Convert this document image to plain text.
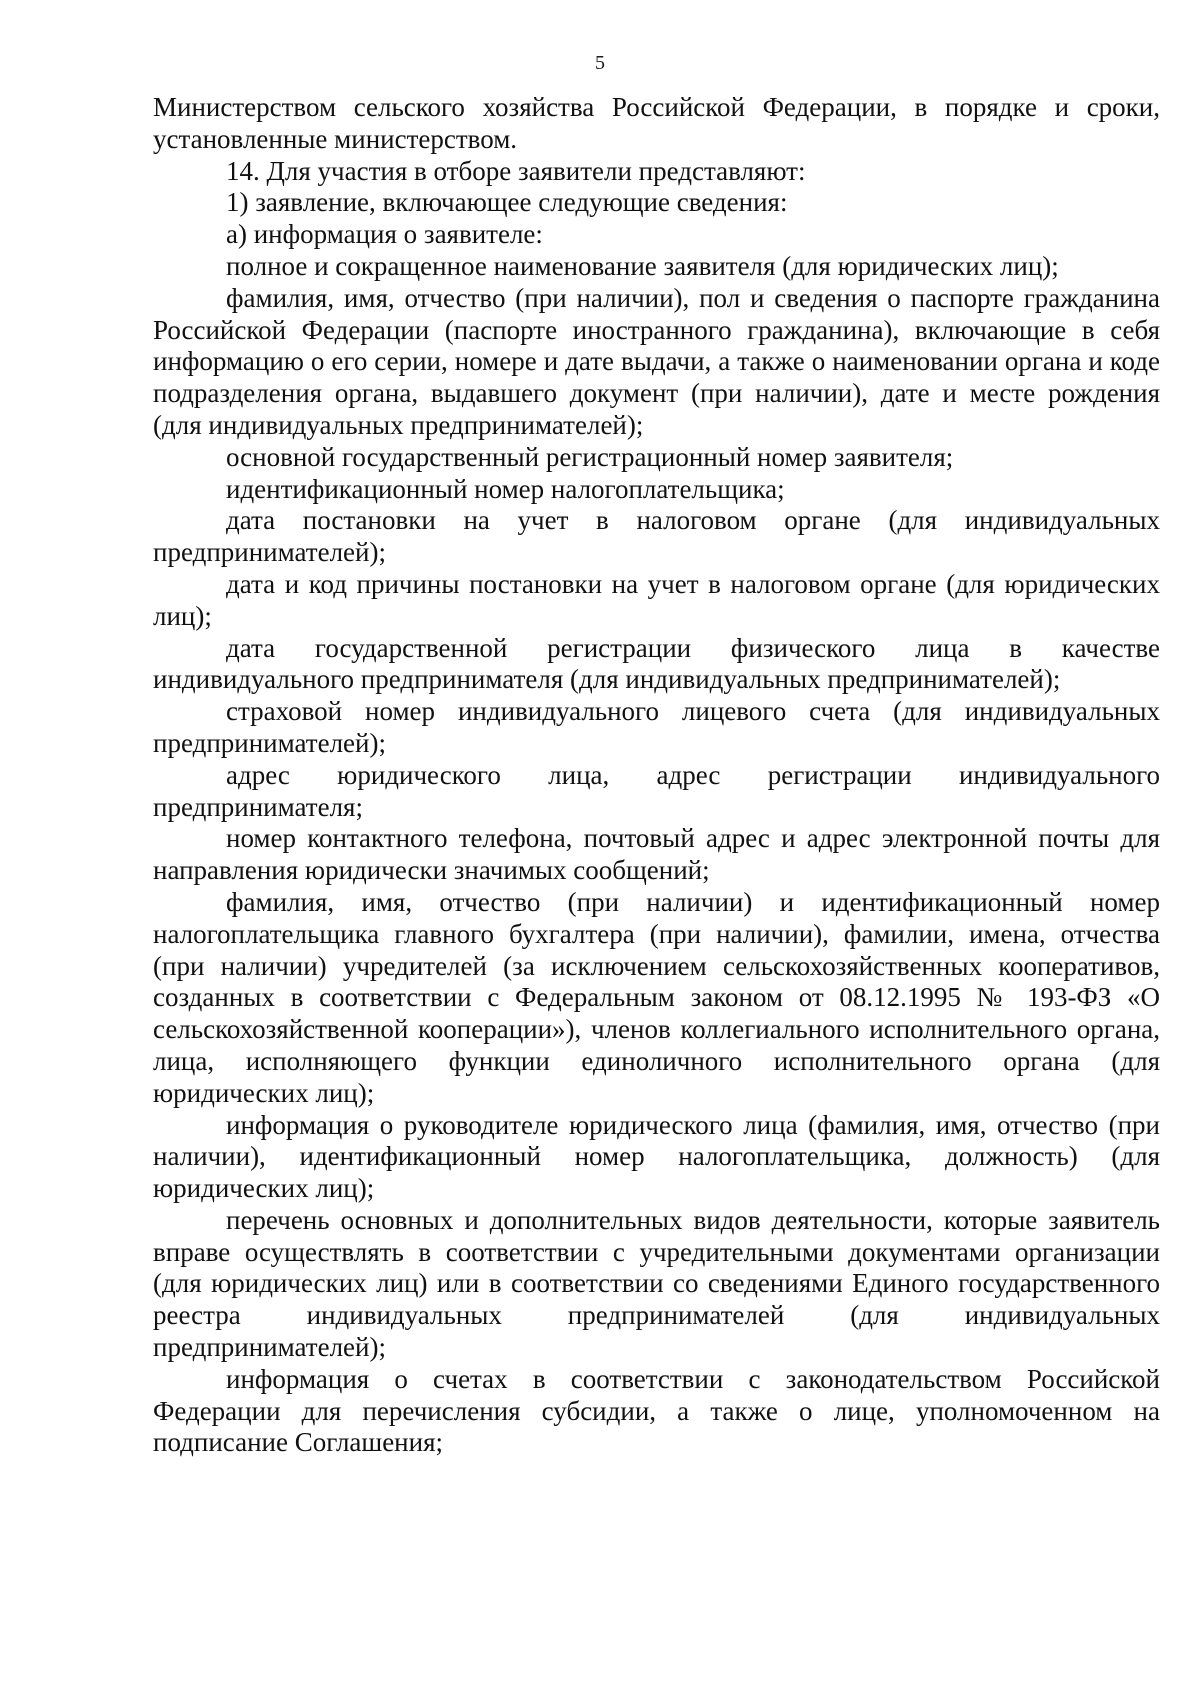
5

Министерством сельского хозяйства Российской Федерации, в порядке и сроки, установленные министерством.

14. Для участия в отборе заявители представляют:

1) заявление, включающее следующие сведения:

а) информация о заявителе:

полное и сокращенное наименование заявителя (для юридических лиц);

фамилия, имя, отчество (при наличии), пол и сведения о паспорте гражданина Российской Федерации (паспорте иностранного гражданина), включающие в себя информацию о его серии, номере и дате выдачи, а также о наименовании органа и коде подразделения органа, выдавшего документ (при наличии), дате и месте рождения (для индивидуальных предпринимателей);

основной государственный регистрационный номер заявителя;

идентификационный номер налогоплательщика;

дата постановки на учет в налоговом органе (для индивидуальных предпринимателей);

дата и код причины постановки на учет в налоговом органе (для юридических лиц);

дата государственной регистрации физического лица в качестве индивидуального предпринимателя (для индивидуальных предпринимателей);

страховой номер индивидуального лицевого счета (для индивидуальных предпринимателей);

адрес юридического лица, адрес регистрации индивидуального предпринимателя;

номер контактного телефона, почтовый адрес и адрес электронной почты для направления юридически значимых сообщений;

фамилия, имя, отчество (при наличии) и идентификационный номер налогоплательщика главного бухгалтера (при наличии), фамилии, имена, отчества (при наличии) учредителей (за исключением сельскохозяйственных кооперативов, созданных в соответствии с Федеральным законом от 08.12.1995 № 193-ФЗ «О сельскохозяйственной кооперации»), членов коллегиального исполнительного органа, лица, исполняющего функции единоличного исполнительного органа (для юридических лиц);

информация о руководителе юридического лица (фамилия, имя, отчество (при наличии), идентификационный номер налогоплательщика, должность) (для юридических лиц);

перечень основных и дополнительных видов деятельности, которые заявитель вправе осуществлять в соответствии с учредительными документами организации (для юридических лиц) или в соответствии со сведениями Единого государственного реестра индивидуальных предпринимателей (для индивидуальных предпринимателей);

информация о счетах в соответствии с законодательством Российской Федерации для перечисления субсидии, а также о лице, уполномоченном на подписание Соглашения;
